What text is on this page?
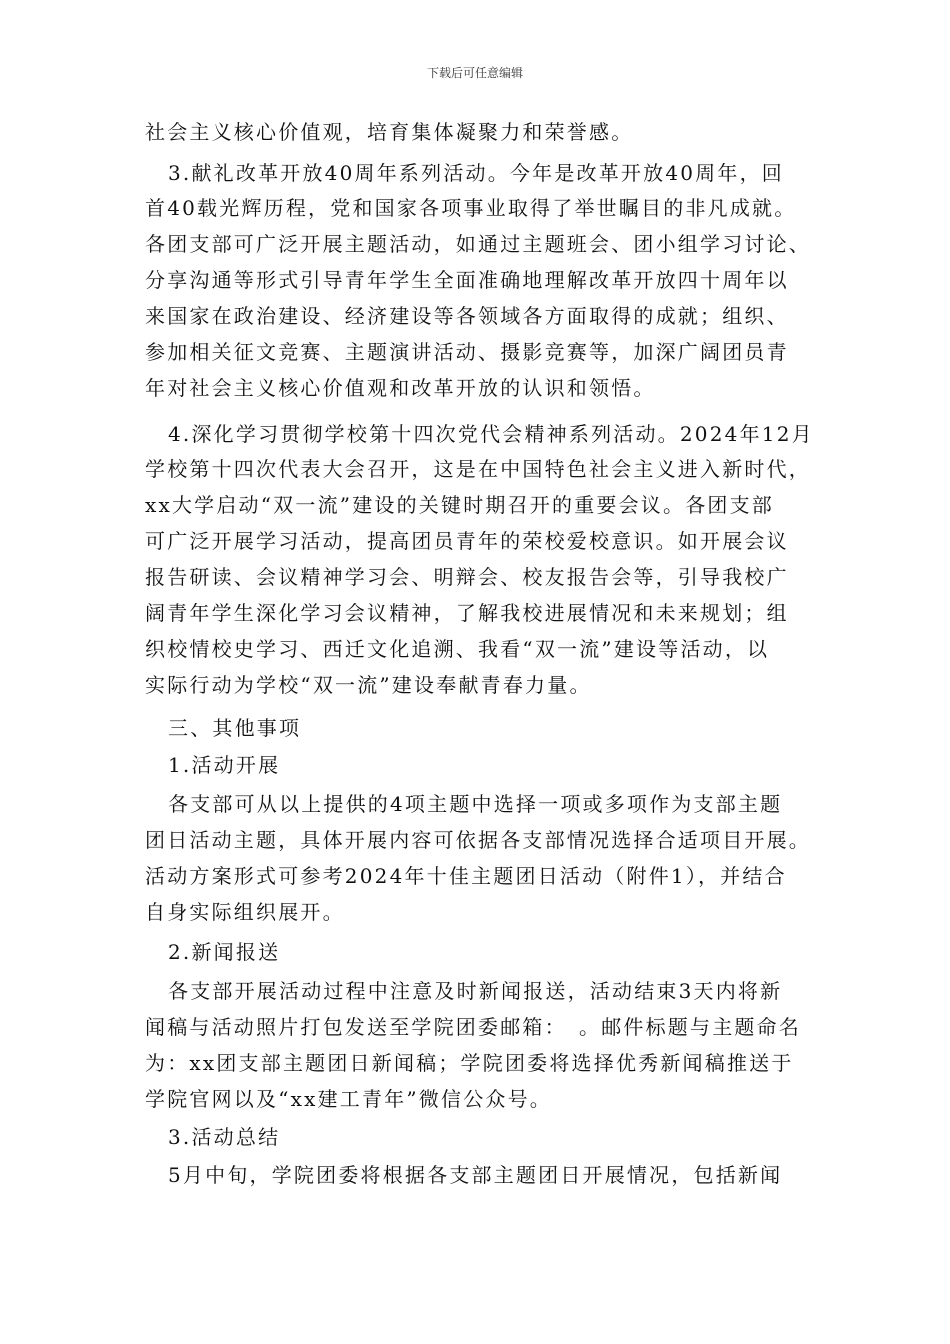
下载后可任意编辑
社会主义核心价值观，培育集体凝聚力和荣誉感。
3.献礼改革开放40周年系列活动。今年是改革开放40周年，回
首40载光辉历程，党和国家各项事业取得了举世瞩目的非凡成就。
各团支部可广泛开展主题活动，如通过主题班会、团小组学习讨论、
分享沟通等形式引导青年学生全面准确地理解改革开放四十周年以
来国家在政治建设、经济建设等各领域各方面取得的成就；组织、
参加相关征文竞赛、主题演讲活动、摄影竞赛等，加深广阔团员青
年对社会主义核心价值观和改革开放的认识和领悟。
4.深化学习贯彻学校第十四次党代会精神系列活动。2024年12月
学校第十四次代表大会召开，这是在中国特色社会主义进入新时代，
xx大学启动“双一流”建设的关键时期召开的重要会议。各团支部
可广泛开展学习活动，提高团员青年的荣校爱校意识。如开展会议
报告研读、会议精神学习会、明辩会、校友报告会等，引导我校广
阔青年学生深化学习会议精神，了解我校进展情况和未来规划；组
织校情校史学习、西迁文化追溯、我看“双一流”建设等活动，以
实际行动为学校“双一流”建设奉献青春力量。
三、其他事项
1.活动开展
各支部可从以上提供的4项主题中选择一项或多项作为支部主题
团日活动主题，具体开展内容可依据各支部情况选择合适项目开展。
活动方案形式可参考2024年十佳主题团日活动（附件1），并结合
自身实际组织展开。
2.新闻报送
各支部开展活动过程中注意及时新闻报送，活动结束3天内将新
闻稿与活动照片打包发送至学院团委邮箱：　。邮件标题与主题命名
为：xx团支部主题团日新闻稿；学院团委将选择优秀新闻稿推送于
学院官网以及“xx建工青年”微信公众号。
3.活动总结
5月中旬，学院团委将根据各支部主题团日开展情况，包括新闻
